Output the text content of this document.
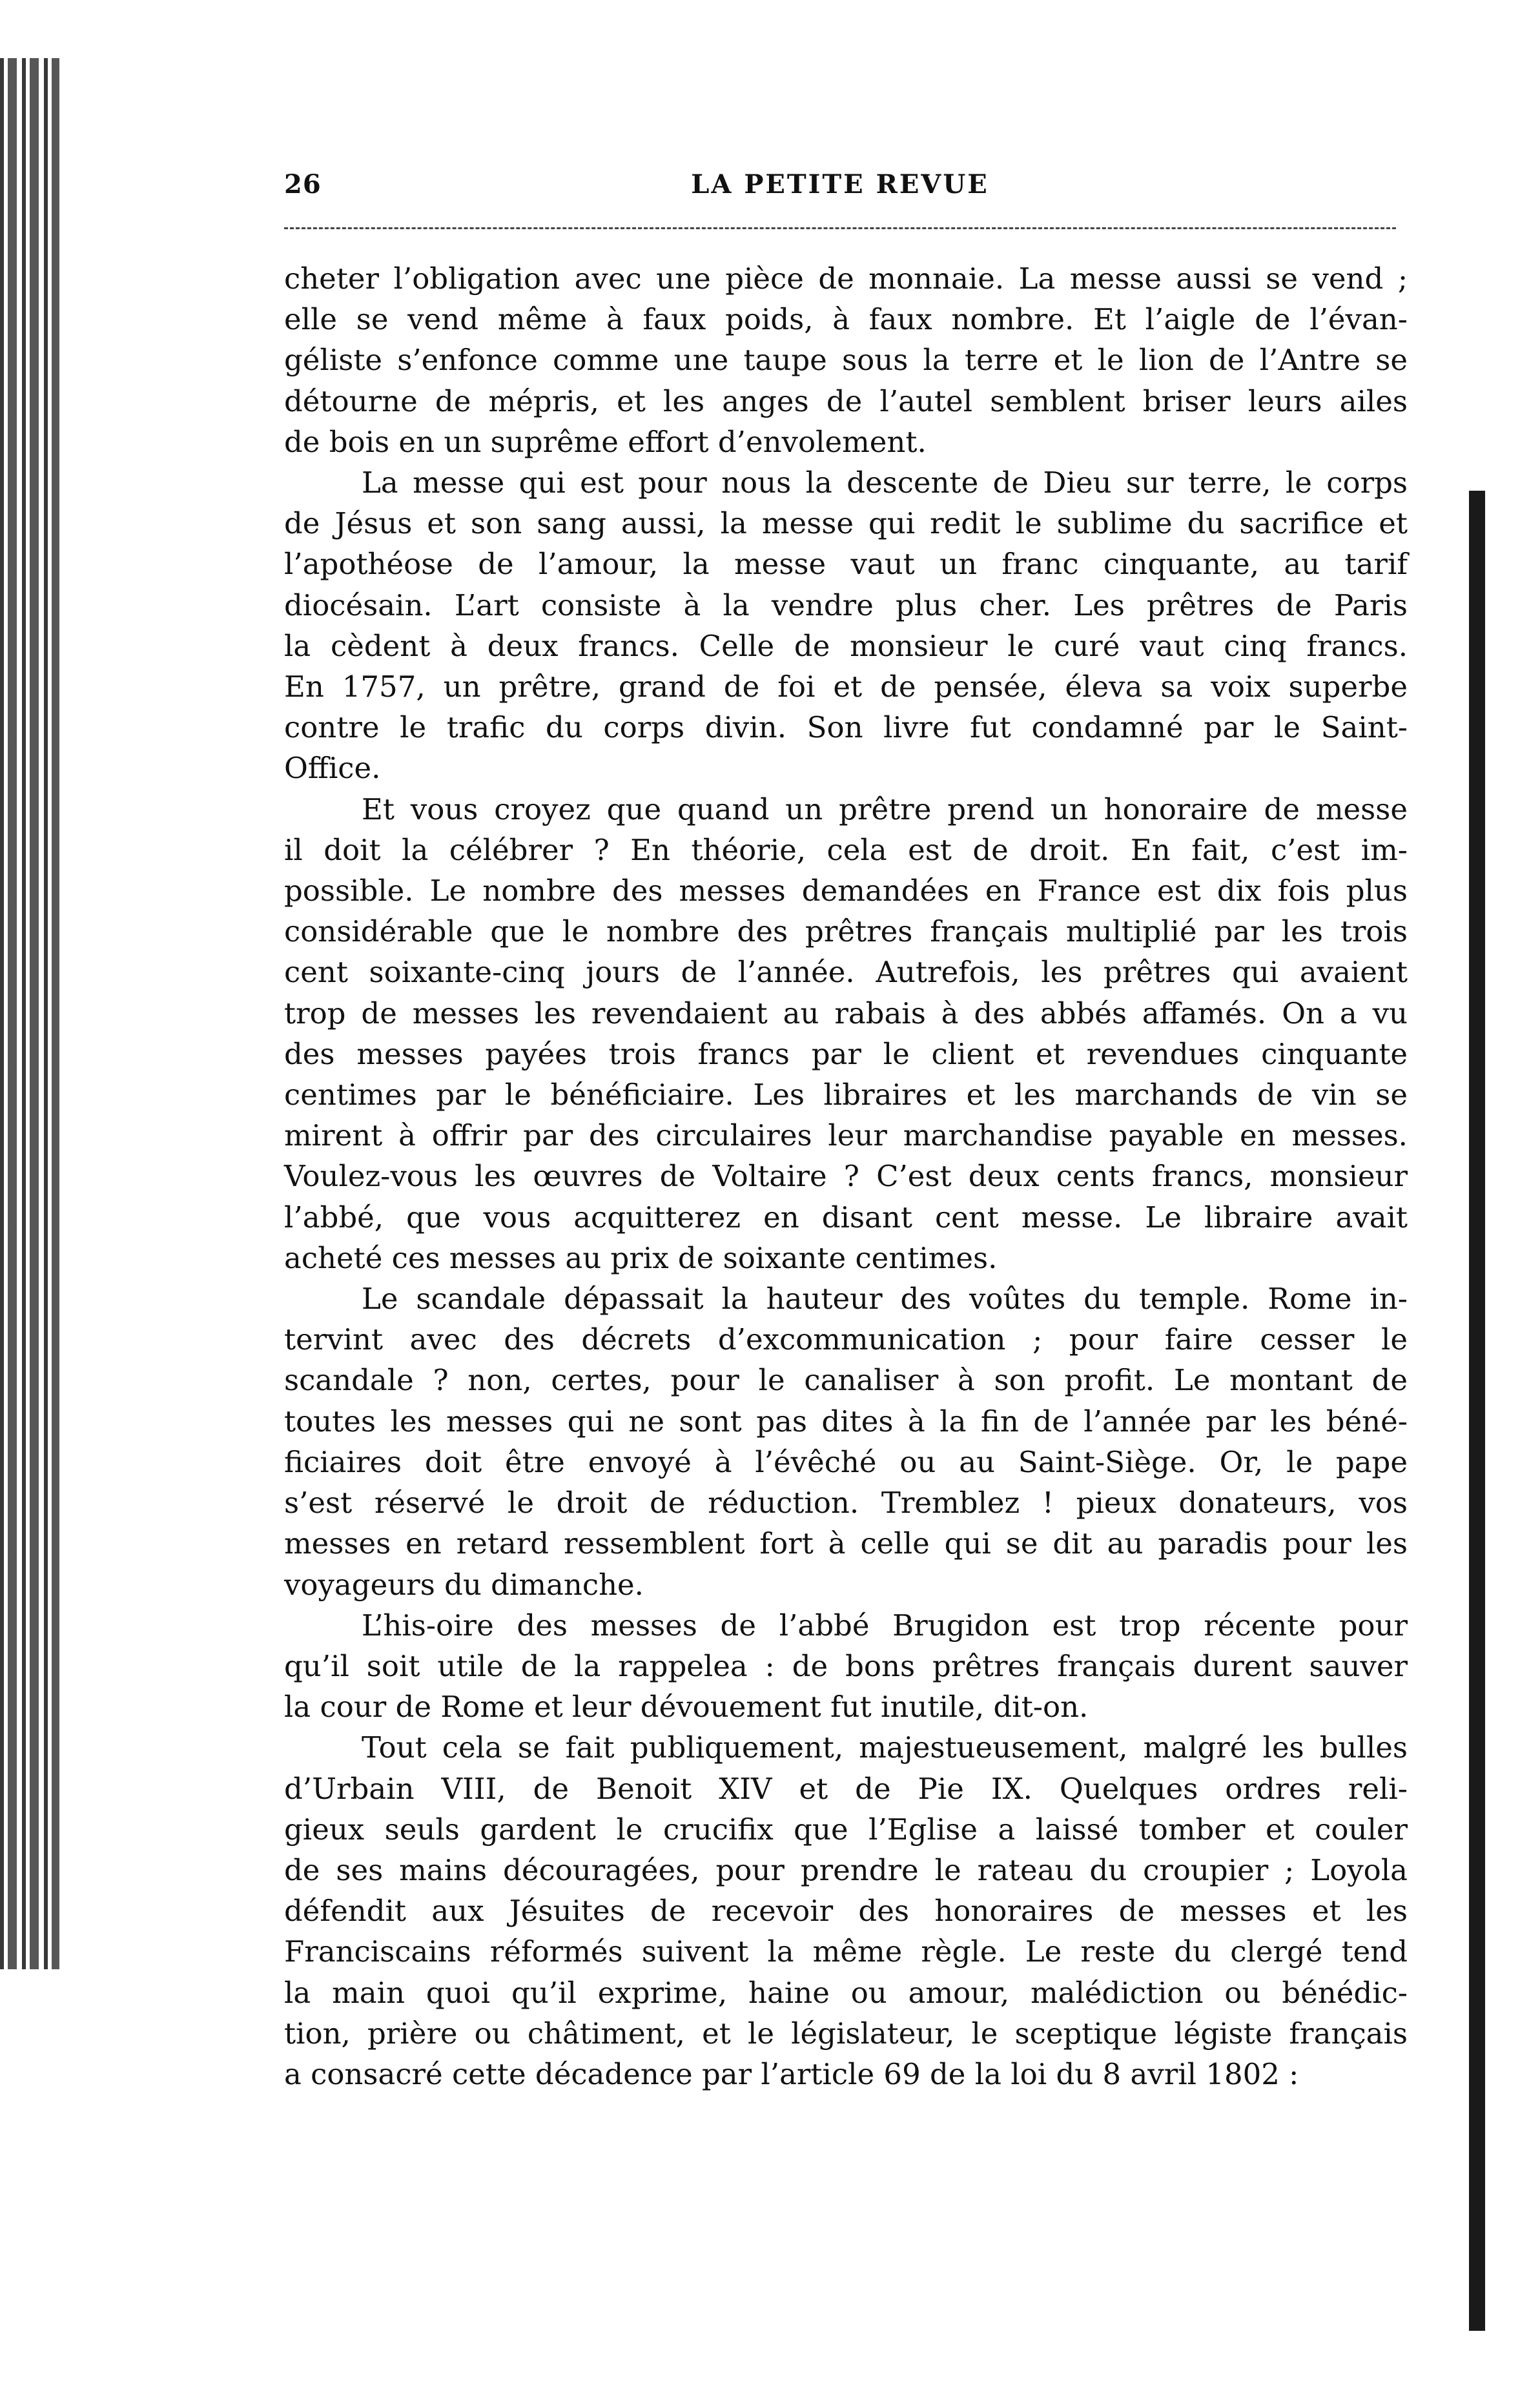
26	LA PETITE REVUE

cheter l’obligation avec une pièce de monnaie. La messe aussi se vend ;
elle se vend même à faux poids, à faux nombre. Et l’aigle de l’évan-
géliste s’enfonce comme une taupe sous la terre et le lion de l’Antre se
détourne de mépris, et les anges de l’autel semblent briser leurs ailes
de bois en un suprême effort d’envolement.

La messe qui est pour nous la descente de Dieu sur terre, le corps
de Jésus et son sang aussi, la messe qui redit le sublime du sacrifice et
l’apothéose de l’amour, la messe vaut un franc cinquante, au tarif
diocésain. L’art consiste à la vendre plus cher. Les prêtres de Paris
la cèdent à deux francs. Celle de monsieur le curé vaut cinq francs.
En 1757, un prêtre, grand de foi et de pensée, éleva sa voix superbe
contre le trafic du corps divin. Son livre fut condamné par le Saint-
Office.

Et vous croyez que quand un prêtre prend un honoraire de messe
il doit la célébrer ? En théorie, cela est de droit. En fait, c’est im-
possible. Le nombre des messes demandées en France est dix fois plus
considérable que le nombre des prêtres français multiplié par les trois
cent soixante-cinq jours de l’année. Autrefois, les prêtres qui avaient
trop de messes les revendaient au rabais à des abbés affamés. On a vu
des messes payées trois francs par le client et revendues cinquante
centimes par le bénéficiaire. Les libraires et les marchands de vin se
mirent à offrir par des circulaires leur marchandise payable en messes.
Voulez-vous les œuvres de Voltaire ? C’est deux cents francs, monsieur
l’abbé, que vous acquitterez en disant cent messe. Le libraire avait
acheté ces messes au prix de soixante centimes.

Le scandale dépassait la hauteur des voûtes du temple. Rome in-
tervint avec des décrets d’excommunication ; pour faire cesser le
scandale ? non, certes, pour le canaliser à son profit. Le montant de
toutes les messes qui ne sont pas dites à la fin de l’année par les béné-
ficiaires doit être envoyé à l’évêché ou au Saint-Siège. Or, le pape
s’est réservé le droit de réduction. Tremblez ! pieux donateurs, vos
messes en retard ressemblent fort à celle qui se dit au paradis pour les
voyageurs du dimanche.

L’his-oire des messes de l’abbé Brugidon est trop récente pour
qu’il soit utile de la rappelea : de bons prêtres français durent sauver
la cour de Rome et leur dévouement fut inutile, dit-on.

Tout cela se fait publiquement, majestueusement, malgré les bulles
d’Urbain VIII, de Benoit XIV et de Pie IX. Quelques ordres reli-
gieux seuls gardent le crucifix que l’Eglise a laissé tomber et couler
de ses mains découragées, pour prendre le rateau du croupier ; Loyola
défendit aux Jésuites de recevoir des honoraires de messes et les
Franciscains réformés suivent la même règle. Le reste du clergé tend
la main quoi qu’il exprime, haine ou amour, malédiction ou bénédic-
tion, prière ou châtiment, et le législateur, le sceptique légiste français
a consacré cette décadence par l’article 69 de la loi du 8 avril 1802 :
